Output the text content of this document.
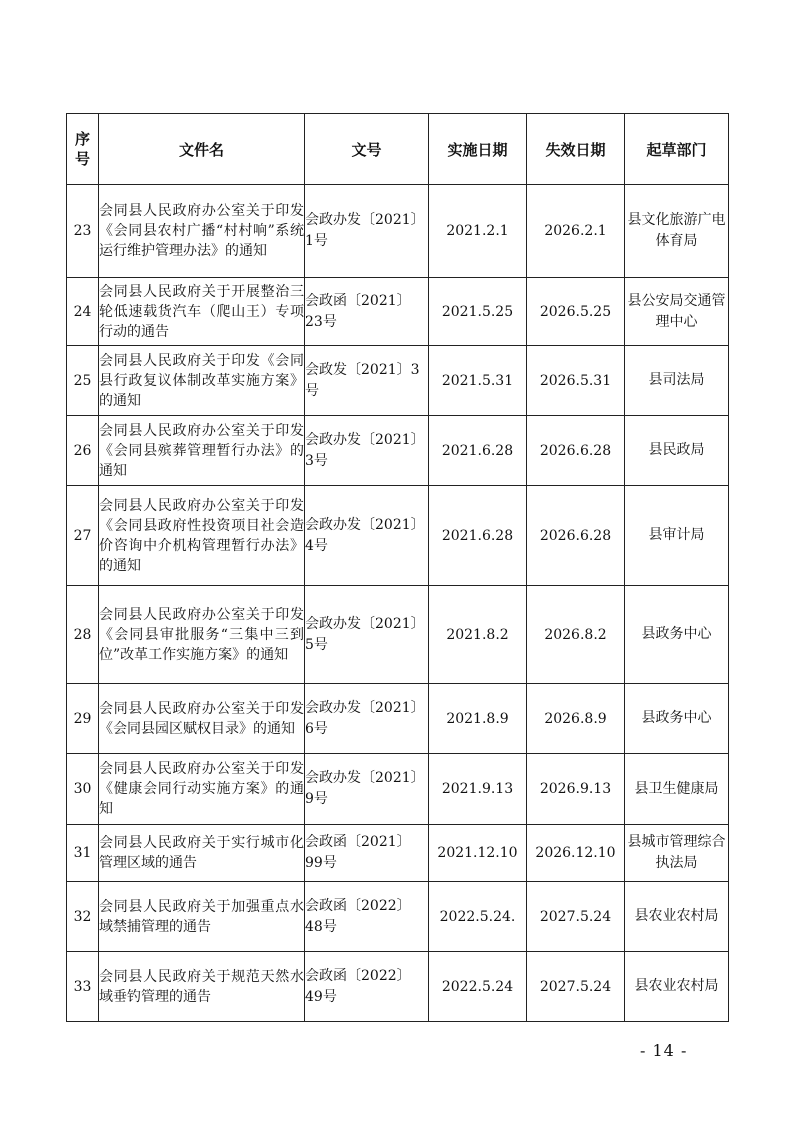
序号	文件名	文号	实施日期	失效日期	起草部门
23	会同县人民政府办公室关于印发《会同县农村广播“村村响”系统运行维护管理办法》的通知	会政办发〔2021〕1号	2021.2.1	2026.2.1	县文化旅游广电体育局
24	会同县人民政府关于开展整治三轮低速载货汽车（爬山王）专项行动的通告	会政函〔2021〕23号	2021.5.25	2026.5.25	县公安局交通管理中心
25	会同县人民政府关于印发《会同县行政复议体制改革实施方案》的通知	会政发〔2021〕3号	2021.5.31	2026.5.31	县司法局
26	会同县人民政府办公室关于印发《会同县殡葬管理暂行办法》的通知	会政办发〔2021〕3号	2021.6.28	2026.6.28	县民政局
27	会同县人民政府办公室关于印发《会同县政府性投资项目社会造价咨询中介机构管理暂行办法》的通知	会政办发〔2021〕4号	2021.6.28	2026.6.28	县审计局
28	会同县人民政府办公室关于印发《会同县审批服务“三集中三到位”改革工作实施方案》的通知	会政办发〔2021〕5号	2021.8.2	2026.8.2	县政务中心
29	会同县人民政府办公室关于印发《会同县园区赋权目录》的通知	会政办发〔2021〕6号	2021.8.9	2026.8.9	县政务中心
30	会同县人民政府办公室关于印发《健康会同行动实施方案》的通知	会政办发〔2021〕9号	2021.9.13	2026.9.13	县卫生健康局
31	会同县人民政府关于实行城市化管理区域的通告	会政函〔2021〕99号	2021.12.10	2026.12.10	县城市管理综合执法局
32	会同县人民政府关于加强重点水域禁捕管理的通告	会政函〔2022〕48号	2022.5.24.	2027.5.24	县农业农村局
33	会同县人民政府关于规范天然水域垂钓管理的通告	会政函〔2022〕49号	2022.5.24	2027.5.24	县农业农村局
- 14 -
